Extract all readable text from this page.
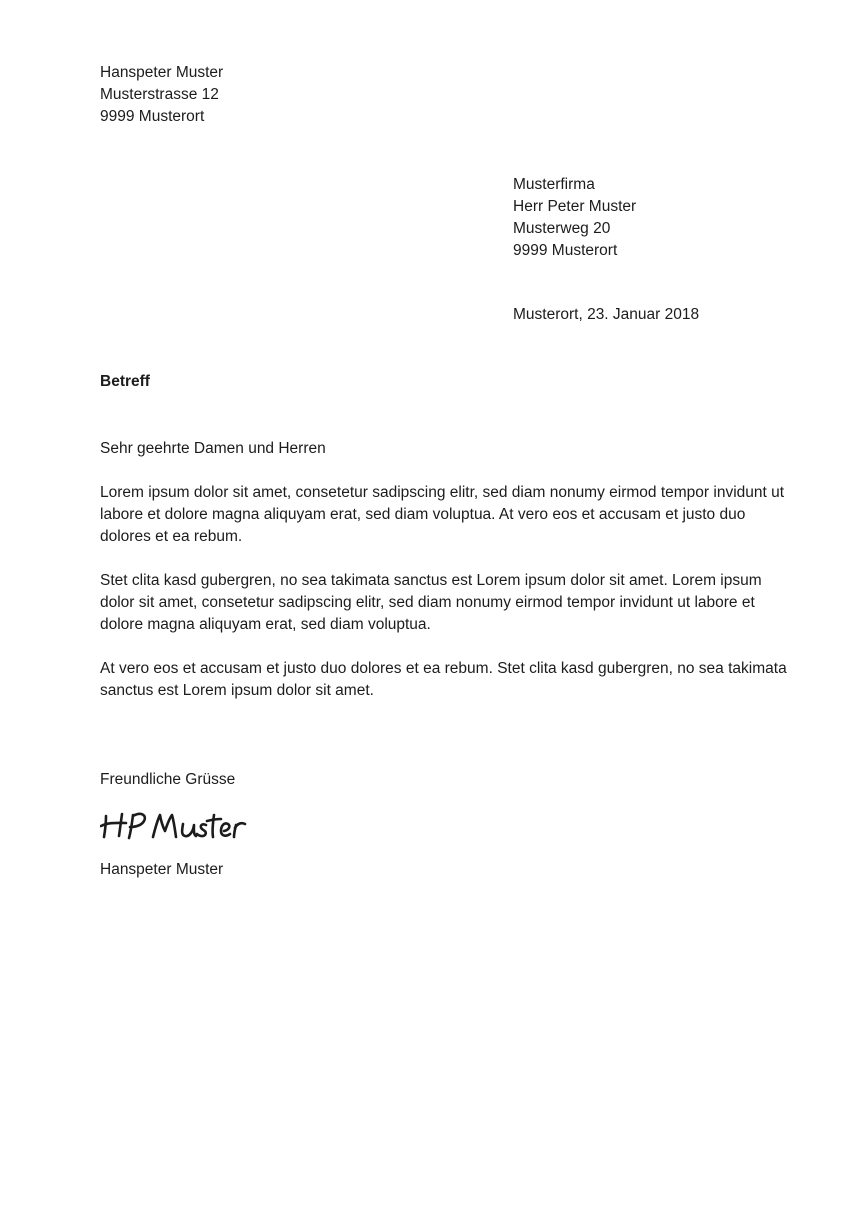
Hanspeter Muster
Musterstrasse 12
9999 Musterort
Musterfirma
Herr Peter Muster
Musterweg 20
9999 Musterort
Musterort, 23. Januar 2018
Betreff
Sehr geehrte Damen und Herren

Lorem ipsum dolor sit amet, consetetur sadipscing elitr, sed diam nonumy eirmod tempor invidunt ut labore et dolore magna aliquyam erat, sed diam voluptua. At vero eos et accusam et justo duo dolores et ea rebum.

Stet clita kasd gubergren, no sea takimata sanctus est Lorem ipsum dolor sit amet. Lorem ipsum dolor sit amet, consetetur sadipscing elitr, sed diam nonumy eirmod tempor invidunt ut labore et dolore magna aliquyam erat, sed diam voluptua.

At vero eos et accusam et justo duo dolores et ea rebum. Stet clita kasd gubergren, no sea takimata sanctus est Lorem ipsum dolor sit amet.

Freundliche Grüsse
Hanspeter Muster
